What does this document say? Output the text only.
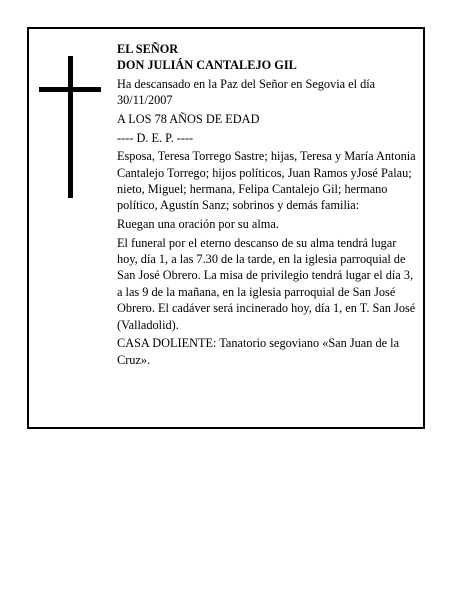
EL SEÑOR
DON JULIÁN CANTALEJO GIL
Ha descansado en la Paz del Señor en Segovia el día 30/11/2007
A LOS 78 AÑOS DE EDAD
---- D. E. P. ----
Esposa, Teresa Torrego Sastre; hijas, Teresa y María Antonia Cantalejo Torrego; hijos políticos, Juan Ramos yJosé Palau; nieto, Miguel; hermana, Felipa Cantalejo Gil; hermano político, Agustín Sanz; sobrinos y demás familia:
Ruegan una oración por su alma.
El funeral por el eterno descanso de su alma tendrá lugar hoy, día 1, a las 7.30 de la tarde, en la iglesia parroquial de San José Obrero. La misa de privilegio tendrá lugar el día 3, a las 9 de la mañana, en la iglesia parroquial de San José Obrero. El cadáver será incinerado hoy, día 1, en T. San José (Valladolid).
CASA DOLIENTE: Tanatorio segoviano «San Juan de la Cruz».
